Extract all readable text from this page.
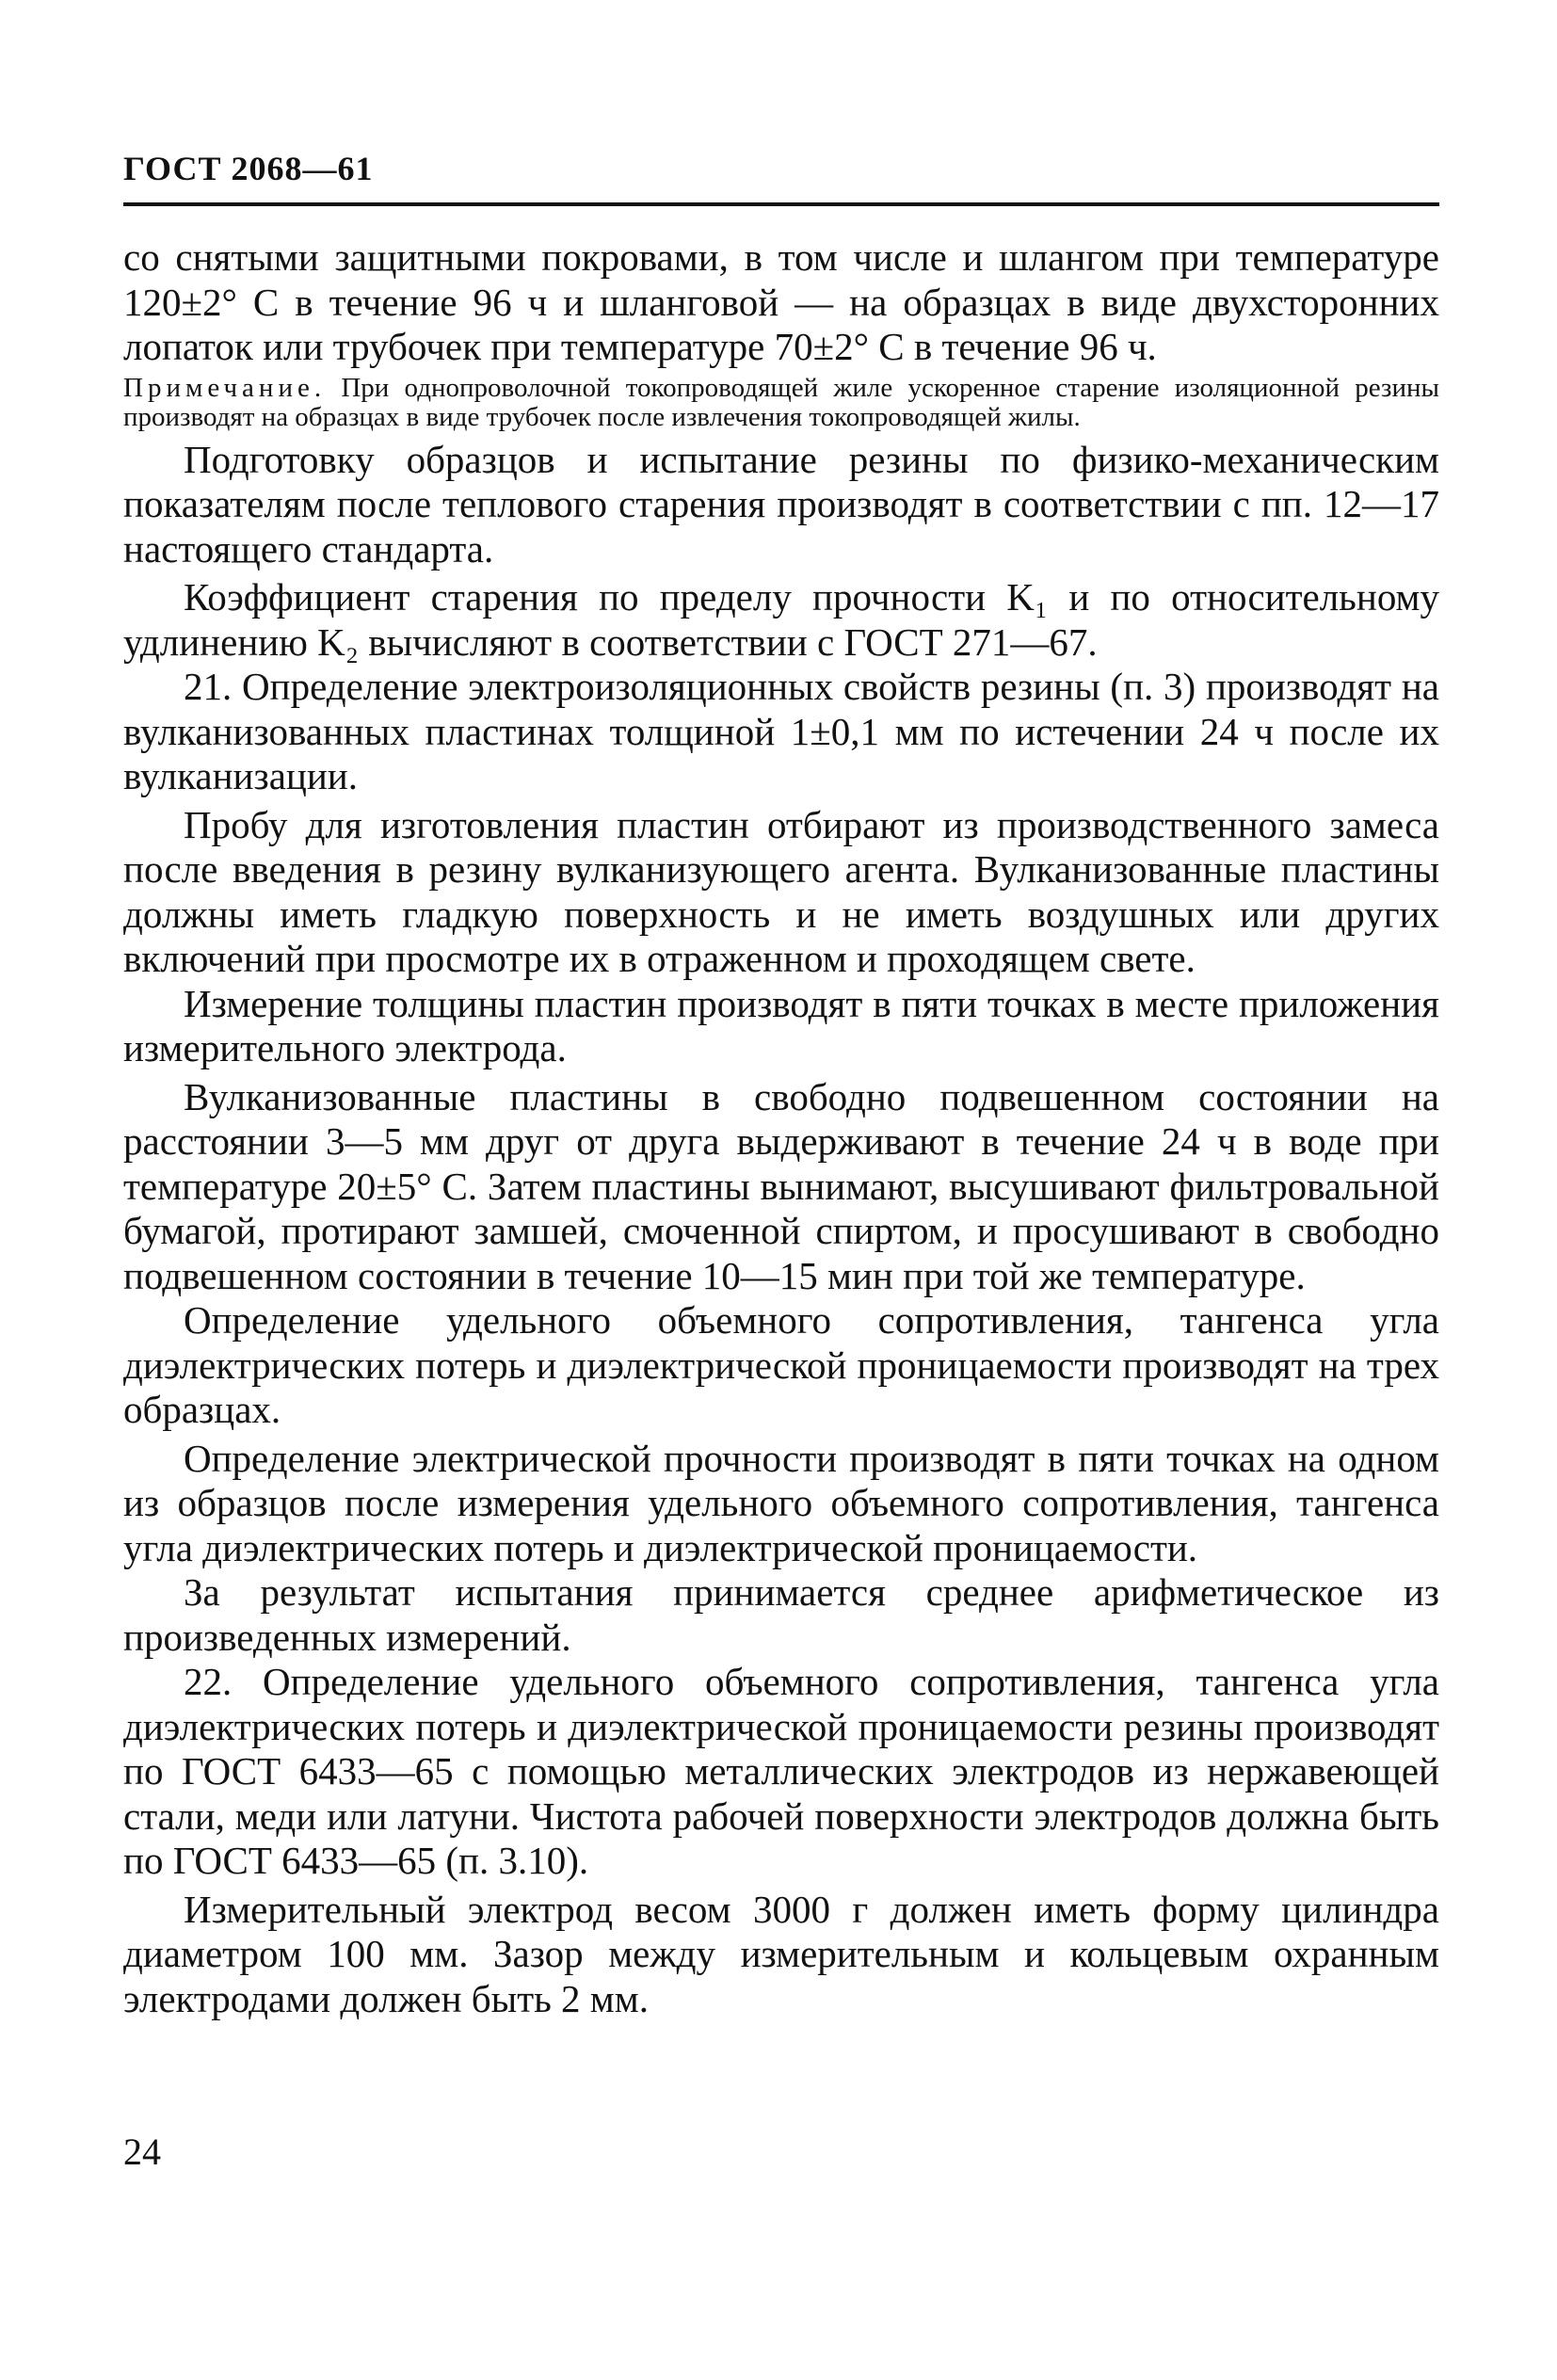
ГОСТ 2068—61

со снятыми защитными покровами, в том числе и шлангом при температуре 120±2° С в течение 96 ч и шланговой — на образцах в виде двухсторонних лопаток или трубочек при температуре 70±2° С в течение 96 ч.

Примечание. При однопроволочной токопроводящей жиле ускоренное старение изоляционной резины производят на образцах в виде трубочек после извлечения токопроводящей жилы.

Подготовку образцов и испытание резины по физико-механическим показателям после теплового старения производят в соответствии с пп. 12—17 настоящего стандарта.

Коэффициент старения по пределу прочности K₁ и по относительному удлинению K₂ вычисляют в соответствии с ГОСТ 271—67.

21. Определение электроизоляционных свойств резины (п. 3) производят на вулканизованных пластинах толщиной 1±0,1 мм по истечении 24 ч после их вулканизации.

Пробу для изготовления пластин отбирают из производственного замеса после введения в резину вулканизующего агента. Вулканизованные пластины должны иметь гладкую поверхность и не иметь воздушных или других включений при просмотре их в отраженном и проходящем свете.

Измерение толщины пластин производят в пяти точках в месте приложения измерительного электрода.

Вулканизованные пластины в свободно подвешенном состоянии на расстоянии 3—5 мм друг от друга выдерживают в течение 24 ч в воде при температуре 20±5° С. Затем пластины вынимают, высушивают фильтровальной бумагой, протирают замшей, смоченной спиртом, и просушивают в свободно подвешенном состоянии в течение 10—15 мин при той же температуре.

Определение удельного объемного сопротивления, тангенса угла диэлектрических потерь и диэлектрической проницаемости производят на трех образцах.

Определение электрической прочности производят в пяти точках на одном из образцов после измерения удельного объемного сопротивления, тангенса угла диэлектрических потерь и диэлектрической проницаемости.

За результат испытания принимается среднее арифметическое из произведенных измерений.

22. Определение удельного объемного сопротивления, тангенса угла диэлектрических потерь и диэлектрической проницаемости резины производят по ГОСТ 6433—65 с помощью металлических электродов из нержавеющей стали, меди или латуни. Чистота рабочей поверхности электродов должна быть по ГОСТ 6433—65 (п. 3.10).

Измерительный электрод весом 3000 г должен иметь форму цилиндра диаметром 100 мм. Зазор между измерительным и кольцевым охранным электродами должен быть 2 мм.

24
